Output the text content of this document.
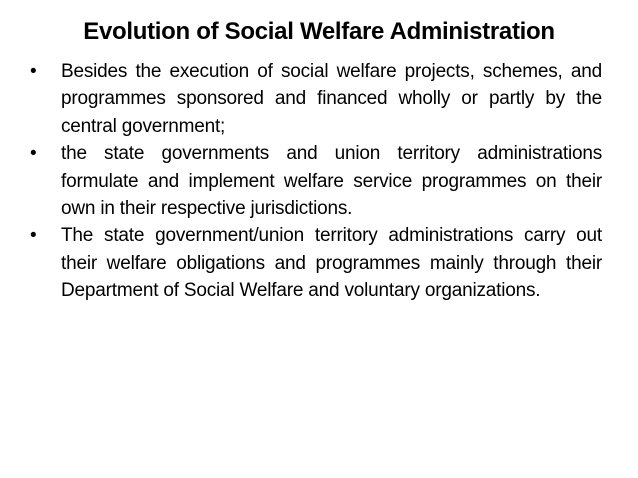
Evolution of Social Welfare Administration
• Besides the execution of social welfare projects, schemes, and programmes sponsored and financed wholly or partly by the central government;
• the state governments and union territory administrations formulate and implement welfare service programmes on their own in their respective jurisdictions.
• The state government/union territory administrations carry out their welfare obligations and programmes mainly through their Department of Social Welfare and voluntary organizations.
